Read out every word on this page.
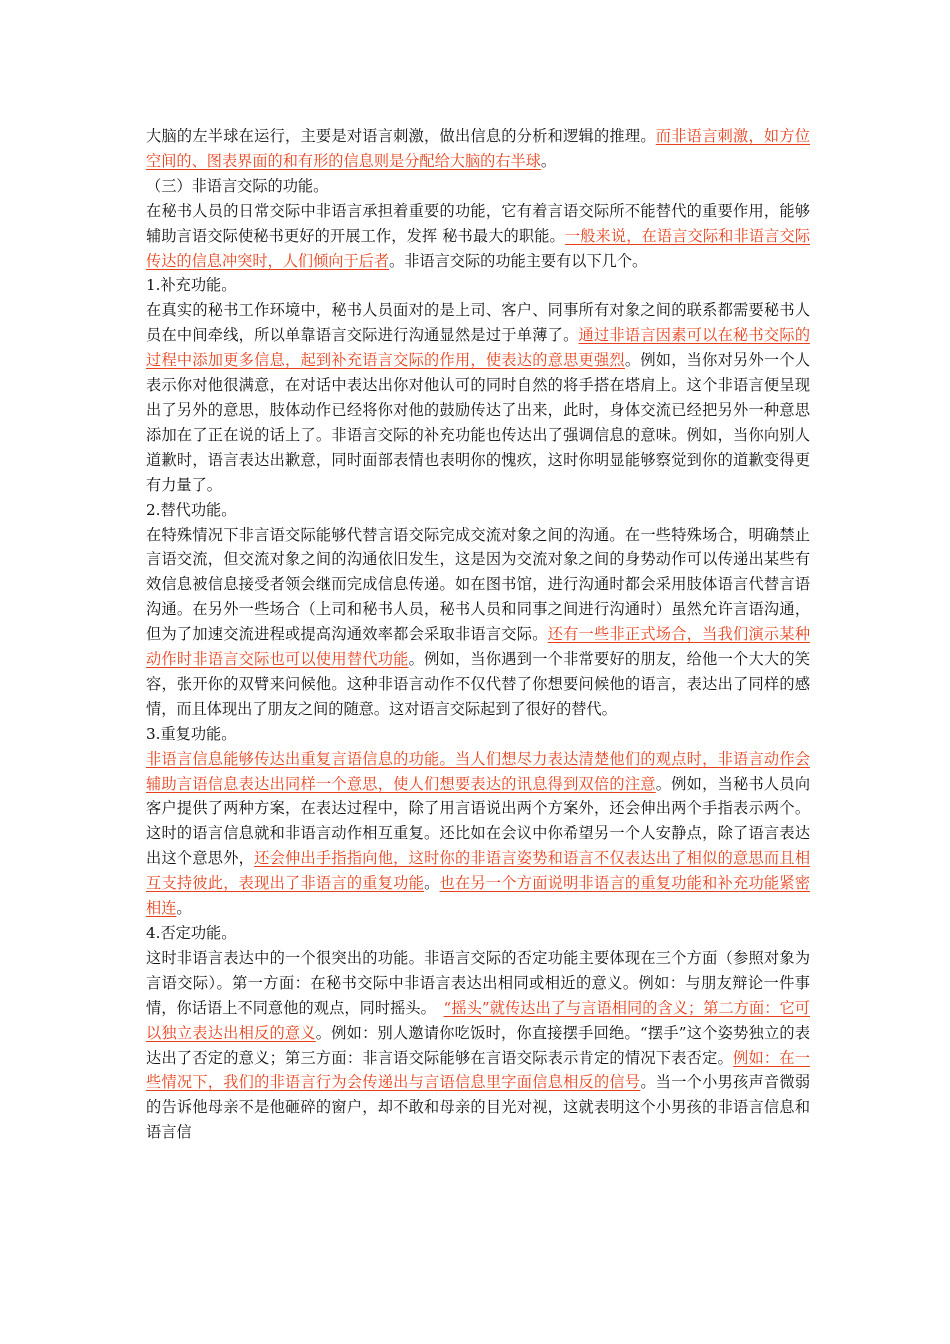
大脑的左半球在运行，主要是对语言刺激，做出信息的分析和逻辑的推理。而非语言刺激，如方位空间的、图表界面的和有形的信息则是分配给大脑的右半球。

（三）非语言交际的功能。

在秘书人员的日常交际中非语言承担着重要的功能，它有着言语交际所不能替代的重要作用，能够辅助言语交际使秘书更好的开展工作，发挥 秘书最大的职能。一般来说，在语言交际和非语言交际传达的信息冲突时，人们倾向于后者。非语言交际的功能主要有以下几个。

1.补充功能。

在真实的秘书工作环境中，秘书人员面对的是上司、客户、同事所有对象之间的联系都需要秘书人员在中间牵线，所以单靠语言交际进行沟通显然是过于单薄了。通过非语言因素可以在秘书交际的过程中添加更多信息，起到补充语言交际的作用，使表达的意思更强烈。例如，当你对另外一个人表示你对他很满意，在对话中表达出你对他认可的同时自然的将手搭在塔肩上。这个非语言便呈现出了另外的意思，肢体动作已经将你对他的鼓励传达了出来，此时，身体交流已经把另外一种意思添加在了正在说的话上了。非语言交际的补充功能也传达出了强调信息的意味。例如，当你向别人道歉时，语言表达出歉意，同时面部表情也表明你的愧疚，这时你明显能够察觉到你的道歉变得更有力量了。

2.替代功能。

在特殊情况下非言语交际能够代替言语交际完成交流对象之间的沟通。在一些特殊场合，明确禁止言语交流，但交流对象之间的沟通依旧发生，这是因为交流对象之间的身势动作可以传递出某些有效信息被信息接受者领会继而完成信息传递。如在图书馆，进行沟通时都会采用肢体语言代替言语沟通。在另外一些场合（上司和秘书人员，秘书人员和同事之间进行沟通时）虽然允许言语沟通，但为了加速交流进程或提高沟通效率都会采取非语言交际。还有一些非正式场合，当我们演示某种动作时非语言交际也可以使用替代功能。例如，当你遇到一个非常要好的朋友，给他一个大大的笑容，张开你的双臂来问候他。这种非语言动作不仅代替了你想要问候他的语言，表达出了同样的感情，而且体现出了朋友之间的随意。这对语言交际起到了很好的替代。

3.重复功能。

非语言信息能够传达出重复言语信息的功能。当人们想尽力表达清楚他们的观点时，非语言动作会辅助言语信息表达出同样一个意思，使人们想要表达的讯息得到双倍的注意。例如，当秘书人员向客户提供了两种方案，在表达过程中，除了用言语说出两个方案外，还会伸出两个手指表示两个。这时的语言信息就和非语言动作相互重复。还比如在会议中你希望另一个人安静点，除了语言表达出这个意思外，还会伸出手指指向他，这时你的非语言姿势和语言不仅表达出了相似的意思而且相互支持彼此，表现出了非语言的重复功能。也在另一个方面说明非语言的重复功能和补充功能紧密相连。

4.否定功能。

这时非语言表达中的一个很突出的功能。非语言交际的否定功能主要体现在三个方面（参照对象为言语交际）。第一方面：在秘书交际中非语言表达出相同或相近的意义。例如：与朋友辩论一件事情，你话语上不同意他的观点，同时摇头。　“摇头”就传达出了与言语相同的含义；第二方面：它可以独立表达出相反的意义。例如：别人邀请你吃饭时，你直接摆手回绝。“摆手”这个姿势独立的表达出了否定的意义；第三方面：非言语交际能够在言语交际表示肯定的情况下表否定。例如：在一些情况下，我们的非语言行为会传递出与言语信息里字面信息相反的信号。当一个小男孩声音微弱的告诉他母亲不是他砸碎的窗户，却不敢和母亲的目光对视，这就表明这个小男孩的非语言信息和语言信
